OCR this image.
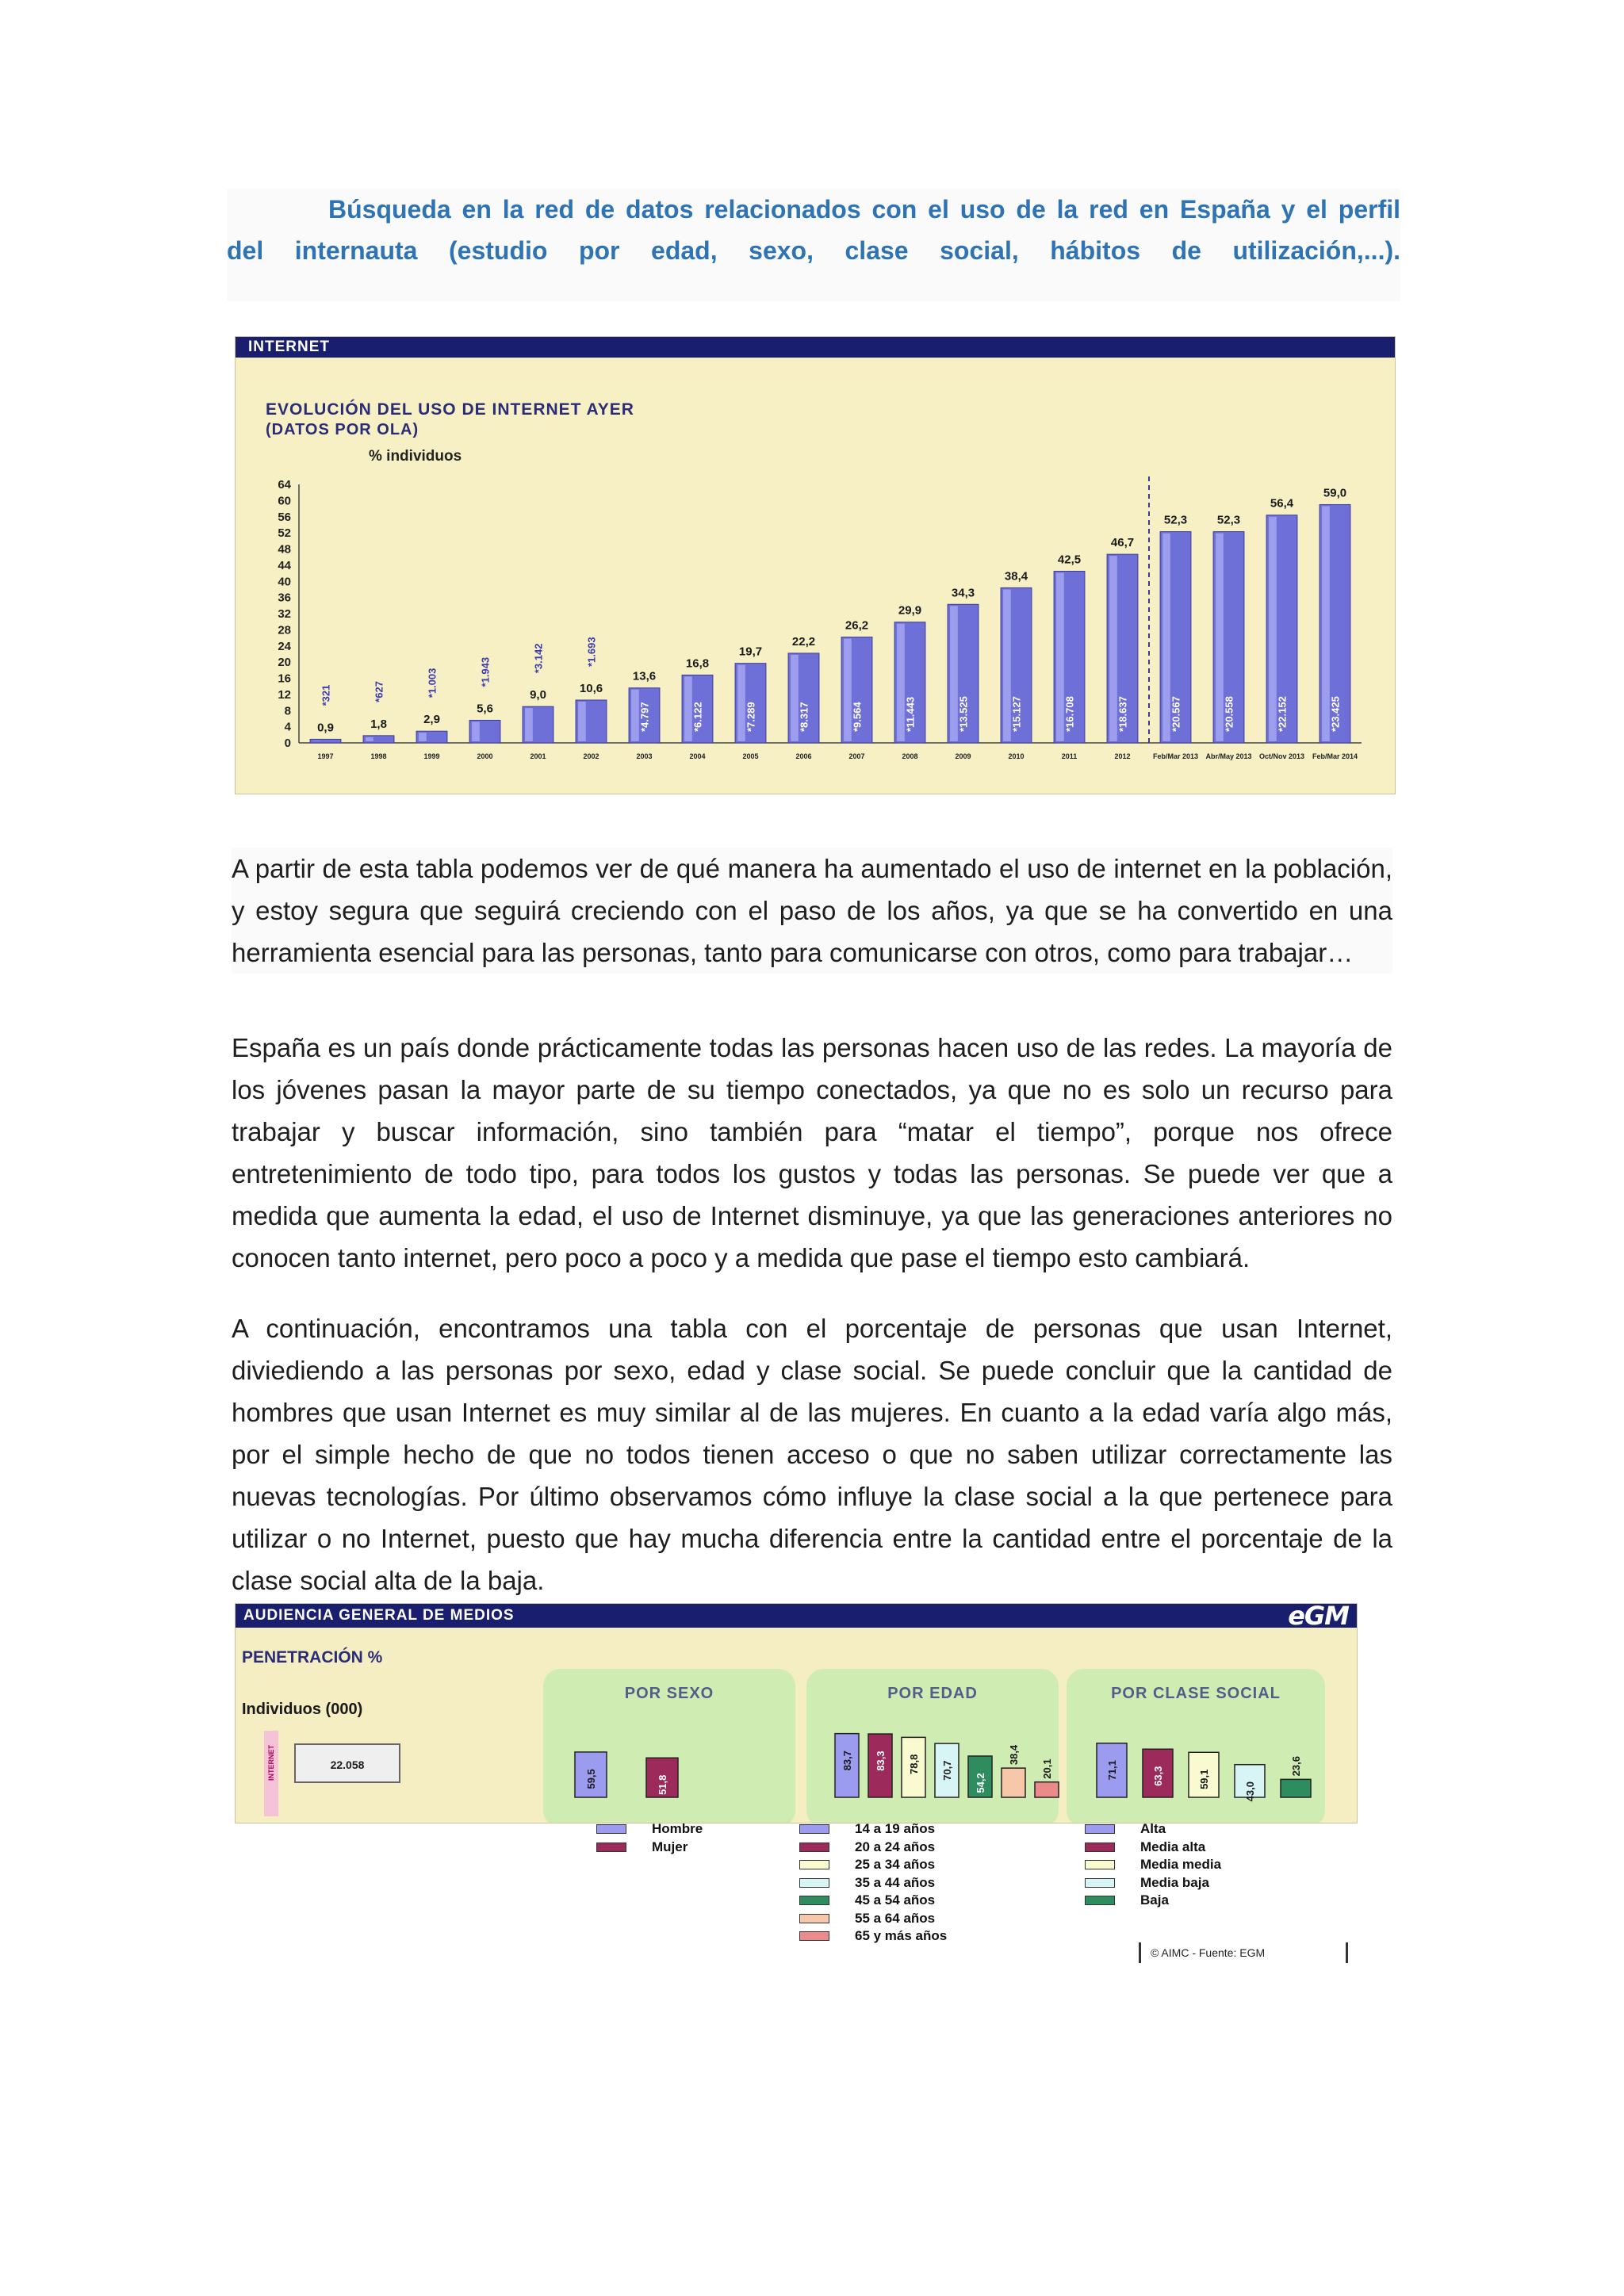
Búsqueda en la red de datos relacionados con el uso de la red en España y el perfil
del internauta (estudio por edad, sexo, clase social, hábitos de utilización,...).
INTERNET
EVOLUCIÓN DEL USO DE INTERNET AYER
(DATOS POR OLA)
% individuos
0
4
8
12
16
20
24
28
32
36
40
44
48
52
56
60
64
0,9
*321
1997
1,8
*627
1998
2,9
*1.003
1999
5,6
*1.943
2000
9,0
*3.142
2001
10,6
*1.693
2002
13,6
*4.797
2003
16,8
*6.122
2004
19,7
*7.289
2005
22,2
*8.317
2006
26,2
*9.564
2007
29,9
*11.443
2008
34,3
*13.525
2009
38,4
*15.127
2010
42,5
*16.708
2011
46,7
*18.637
2012
52,3
*20.567
Feb/Mar 2013
52,3
*20.558
Abr/May 2013
56,4
*22.152
Oct/Nov 2013
59,0
*23.425
Feb/Mar 2014

A partir de esta tabla podemos ver de qué manera ha aumentado el uso de internet en la población, y estoy segura que seguirá creciendo con el paso de los años, ya que se ha convertido en una herramienta esencial para las personas, tanto para comunicarse con otros, como para trabajar…

España es un país donde prácticamente todas las personas hacen uso de las redes. La mayoría de los jóvenes pasan la mayor parte de su tiempo conectados, ya que no es solo un recurso para trabajar y buscar información, sino también para “matar el tiempo”, porque nos ofrece entretenimiento de todo tipo, para todos los gustos y todas las personas. Se puede ver que a medida que aumenta la edad, el uso de Internet disminuye, ya que las generaciones anteriores no conocen tanto internet, pero poco a poco y a medida que pase el tiempo esto cambiará.

A continuación, encontramos una tabla con el porcentaje de personas que usan Internet, diviediendo a las personas por sexo, edad y clase social. Se puede concluir que la cantidad de hombres que usan Internet es muy similar al de las mujeres. En cuanto a la edad varía algo más, por el simple hecho de que no todos tienen acceso o que no saben utilizar correctamente las nuevas tecnologías. Por último observamos cómo influye la clase social a la que pertenece para utilizar o no Internet, puesto que hay mucha diferencia entre la cantidad entre el porcentaje de la clase social alta de la baja.

AUDIENCIA GENERAL DE MEDIOS	eGM
PENETRACIÓN %
Individuos (000)
INTERNET	22.058
POR SEXO	POR EDAD	POR CLASE SOCIAL
59,5	51,8
83,7 83,3 78,8 70,7
54,2
38,4
20,1	71,1	63,3	59,1
43,0
23,6
Hombre
Mujer
14 a 19 años
20 a 24 años
25 a 34 años
35 a 44 años
45 a 54 años
55 a 64 años
65 y más años
Alta
Media alta
Media media
Media baja
Baja
© AIMC - Fuente: EGM
